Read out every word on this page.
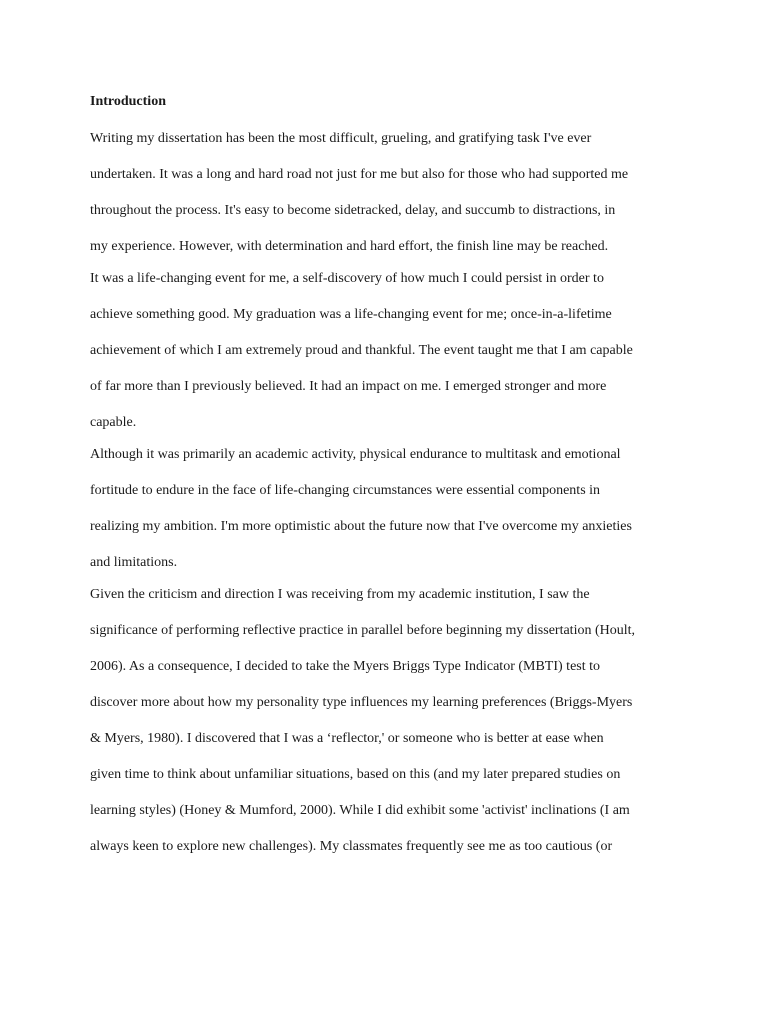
Introduction
Writing my dissertation has been the most difficult, grueling, and gratifying task I've ever
undertaken. It was a long and hard road not just for me but also for those who had supported me
throughout the process. It's easy to become sidetracked, delay, and succumb to distractions, in
my experience. However, with determination and hard effort, the finish line may be reached.
It was a life-changing event for me, a self-discovery of how much I could persist in order to
achieve something good. My graduation was a life-changing event for me; once-in-a-lifetime
achievement of which I am extremely proud and thankful. The event taught me that I am capable
of far more than I previously believed. It had an impact on me. I emerged stronger and more
capable.
Although it was primarily an academic activity, physical endurance to multitask and emotional
fortitude to endure in the face of life-changing circumstances were essential components in
realizing my ambition. I'm more optimistic about the future now that I've overcome my anxieties
and limitations.
Given the criticism and direction I was receiving from my academic institution, I saw the
significance of performing reflective practice in parallel before beginning my dissertation (Hoult,
2006). As a consequence, I decided to take the Myers Briggs Type Indicator (MBTI) test to
discover more about how my personality type influences my learning preferences (Briggs-Myers
& Myers, 1980). I discovered that I was a ‘reflector,' or someone who is better at ease when
given time to think about unfamiliar situations, based on this (and my later prepared studies on
learning styles) (Honey & Mumford, 2000). While I did exhibit some 'activist' inclinations (I am
always keen to explore new challenges). My classmates frequently see me as too cautious (or
